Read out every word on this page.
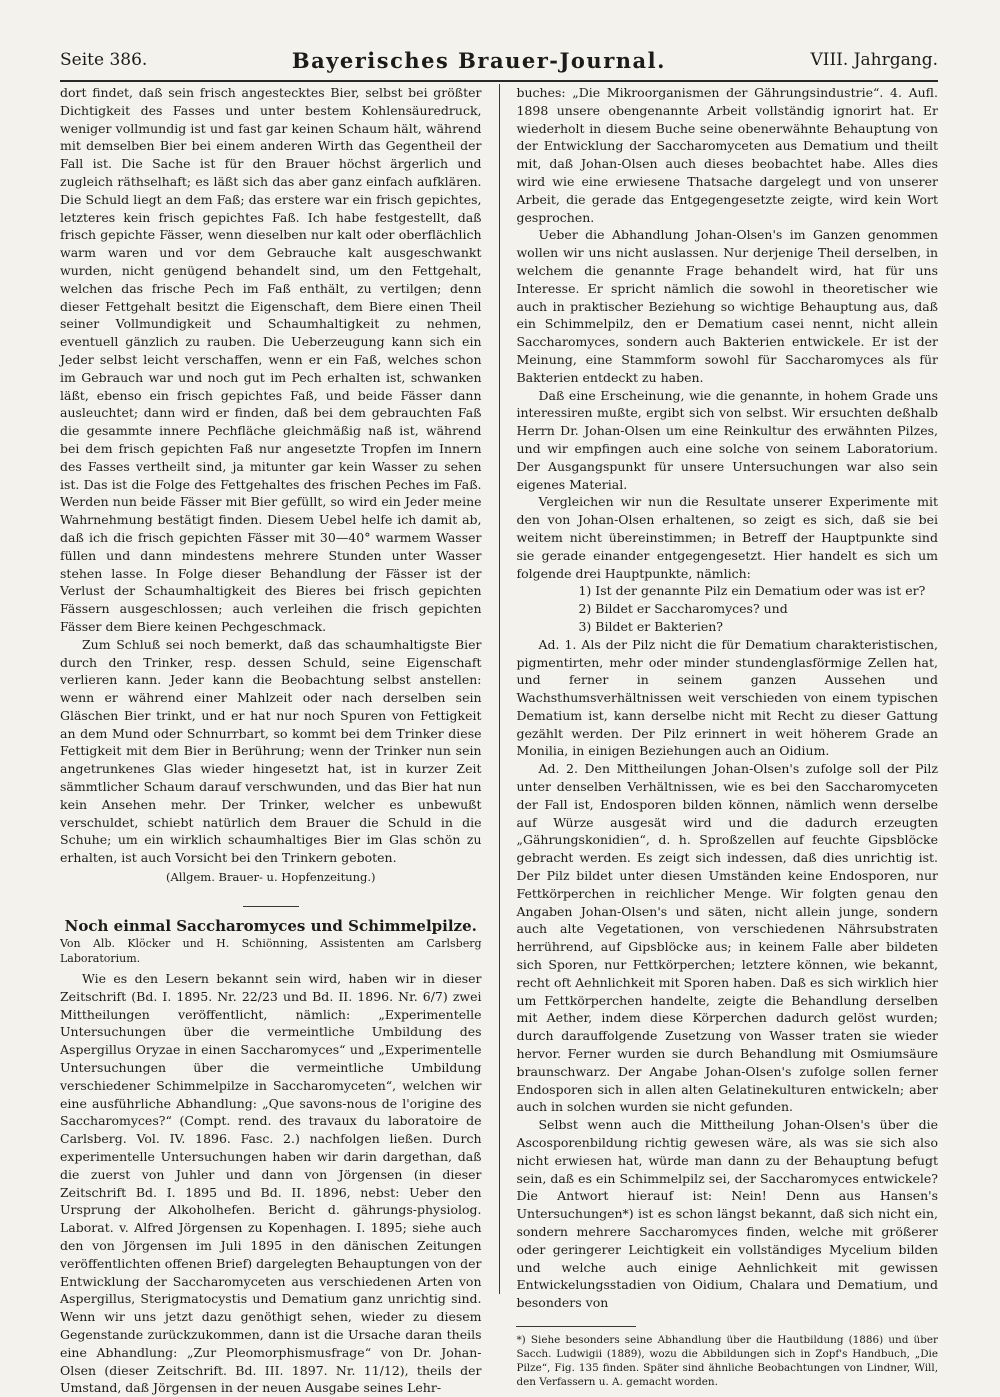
Seite 386.	Bayerisches Brauer-Journal.	VIII. Jahrgang.

dort findet, daß sein frisch angestecktes Bier, selbst bei größter Dichtigkeit des Fasses und unter bestem Kohlensäuredruck, weniger vollmundig ist und fast gar keinen Schaum hält, während mit demselben Bier bei einem anderen Wirth das Gegentheil der Fall ist. Die Sache ist für den Brauer höchst ärgerlich und zugleich räthselhaft; es läßt sich das aber ganz einfach aufklären. Die Schuld liegt an dem Faß; das erstere war ein frisch gepichtes, letzteres kein frisch gepichtes Faß. Ich habe festgestellt, daß frisch gepichte Fässer, wenn dieselben nur kalt oder oberflächlich warm waren und vor dem Gebrauche kalt ausgeschwankt wurden, nicht genügend behandelt sind, um den Fettgehalt, welchen das frische Pech im Faß enthält, zu vertilgen; denn dieser Fettgehalt besitzt die Eigenschaft, dem Biere einen Theil seiner Vollmundigkeit und Schaumhaltigkeit zu nehmen, eventuell gänzlich zu rauben. Die Ueberzeugung kann sich ein Jeder selbst leicht verschaffen, wenn er ein Faß, welches schon im Gebrauch war und noch gut im Pech erhalten ist, schwanken läßt, ebenso ein frisch gepichtes Faß, und beide Fässer dann ausleuchtet; dann wird er finden, daß bei dem gebrauchten Faß die gesammte innere Pechfläche gleichmäßig naß ist, während bei dem frisch gepichten Faß nur angesetzte Tropfen im Innern des Fasses vertheilt sind, ja mitunter gar kein Wasser zu sehen ist. Das ist die Folge des Fettgehaltes des frischen Peches im Faß. Werden nun beide Fässer mit Bier gefüllt, so wird ein Jeder meine Wahrnehmung bestätigt finden. Diesem Uebel helfe ich damit ab, daß ich die frisch gepichten Fässer mit 30—40° warmem Wasser füllen und dann mindestens mehrere Stunden unter Wasser stehen lasse. In Folge dieser Behandlung der Fässer ist der Verlust der Schaumhaltigkeit des Bieres bei frisch gepichten Fässern ausgeschlossen; auch verleihen die frisch gepichten Fässer dem Biere keinen Pechgeschmack.

Zum Schluß sei noch bemerkt, daß das schaumhaltigste Bier durch den Trinker, resp. dessen Schuld, seine Eigenschaft verlieren kann. Jeder kann die Beobachtung selbst anstellen: wenn er während einer Mahlzeit oder nach derselben sein Gläschen Bier trinkt, und er hat nur noch Spuren von Fettigkeit an dem Mund oder Schnurrbart, so kommt bei dem Trinker diese Fettigkeit mit dem Bier in Berührung; wenn der Trinker nun sein angetrunkenes Glas wieder hingesetzt hat, ist in kurzer Zeit sämmtlicher Schaum darauf verschwunden, und das Bier hat nun kein Ansehen mehr. Der Trinker, welcher es unbewußt verschuldet, schiebt natürlich dem Brauer die Schuld in die Schuhe; um ein wirklich schaumhaltiges Bier im Glas schön zu erhalten, ist auch Vorsicht bei den Trinkern geboten.

(Allgem. Brauer- u. Hopfenzeitung.)

Noch einmal Saccharomyces und Schimmelpilze.

Von Alb. Klöcker und H. Schiönning, Assistenten am Carlsberg Laboratorium.

Wie es den Lesern bekannt sein wird, haben wir in dieser Zeitschrift (Bd. I. 1895. Nr. 22/23 und Bd. II. 1896. Nr. 6/7) zwei Mittheilungen veröffentlicht, nämlich: „Experimentelle Untersuchungen über die vermeintliche Umbildung des Aspergillus Oryzae in einen Saccharomyces“ und „Experimentelle Untersuchungen über die vermeintliche Umbildung verschiedener Schimmelpilze in Saccharomyceten“, welchen wir eine ausführliche Abhandlung: „Que savons-nous de l'origine des Saccharomyces?“ (Compt. rend. des travaux du laboratoire de Carlsberg. Vol. IV. 1896. Fasc. 2.) nachfolgen ließen. Durch experimentelle Untersuchungen haben wir darin dargethan, daß die zuerst von Juhler und dann von Jörgensen (in dieser Zeitschrift Bd. I. 1895 und Bd. II. 1896, nebst: Ueber den Ursprung der Alkoholhefen. Bericht d. gährungs-physiolog. Laborat. v. Alfred Jörgensen zu Kopenhagen. I. 1895; siehe auch den von Jörgensen im Juli 1895 in den dänischen Zeitungen veröffentlichten offenen Brief) dargelegten Behauptungen von der Entwicklung der Saccharomyceten aus verschiedenen Arten von Aspergillus, Sterigmatocystis und Dematium ganz unrichtig sind. Wenn wir uns jetzt dazu genöthigt sehen, wieder zu diesem Gegenstande zurückzukommen, dann ist die Ursache daran theils eine Abhandlung: „Zur Pleomorphismusfrage“ von Dr. Johan-Olsen (dieser Zeitschrift. Bd. III. 1897. Nr. 11/12), theils der Umstand, daß Jörgensen in der neuen Ausgabe seines Lehr-

buches: „Die Mikroorganismen der Gährungsindustrie“. 4. Aufl. 1898 unsere obengenannte Arbeit vollständig ignorirt hat. Er wiederholt in diesem Buche seine obenerwähnte Behauptung von der Entwicklung der Saccharomyceten aus Dematium und theilt mit, daß Johan-Olsen auch dieses beobachtet habe. Alles dies wird wie eine erwiesene Thatsache dargelegt und von unserer Arbeit, die gerade das Entgegengesetzte zeigte, wird kein Wort gesprochen.

Ueber die Abhandlung Johan-Olsen's im Ganzen genommen wollen wir uns nicht auslassen. Nur derjenige Theil derselben, in welchem die genannte Frage behandelt wird, hat für uns Interesse. Er spricht nämlich die sowohl in theoretischer wie auch in praktischer Beziehung so wichtige Behauptung aus, daß ein Schimmelpilz, den er Dematium casei nennt, nicht allein Saccharomyces, sondern auch Bakterien entwickele. Er ist der Meinung, eine Stammform sowohl für Saccharomyces als für Bakterien entdeckt zu haben.

Daß eine Erscheinung, wie die genannte, in hohem Grade uns interessiren mußte, ergibt sich von selbst. Wir ersuchten deßhalb Herrn Dr. Johan-Olsen um eine Reinkultur des erwähnten Pilzes, und wir empfingen auch eine solche von seinem Laboratorium. Der Ausgangspunkt für unsere Untersuchungen war also sein eigenes Material.

Vergleichen wir nun die Resultate unserer Experimente mit den von Johan-Olsen erhaltenen, so zeigt es sich, daß sie bei weitem nicht übereinstimmen; in Betreff der Hauptpunkte sind sie gerade einander entgegengesetzt. Hier handelt es sich um folgende drei Hauptpunkte, nämlich:

1) Ist der genannte Pilz ein Dematium oder was ist er?
2) Bildet er Saccharomyces? und
3) Bildet er Bakterien?

Ad. 1. Als der Pilz nicht die für Dematium charakteristischen, pigmentirten, mehr oder minder stundenglasförmige Zellen hat, und ferner in seinem ganzen Aussehen und Wachsthumsverhältnissen weit verschieden von einem typischen Dematium ist, kann derselbe nicht mit Recht zu dieser Gattung gezählt werden. Der Pilz erinnert in weit höherem Grade an Monilia, in einigen Beziehungen auch an Oidium.

Ad. 2. Den Mittheilungen Johan-Olsen's zufolge soll der Pilz unter denselben Verhältnissen, wie es bei den Saccharomyceten der Fall ist, Endosporen bilden können, nämlich wenn derselbe auf Würze ausgesät wird und die dadurch erzeugten „Gährungskonidien“, d. h. Sproßzellen auf feuchte Gipsblöcke gebracht werden. Es zeigt sich indessen, daß dies unrichtig ist. Der Pilz bildet unter diesen Umständen keine Endosporen, nur Fettkörperchen in reichlicher Menge. Wir folgten genau den Angaben Johan-Olsen's und säten, nicht allein junge, sondern auch alte Vegetationen, von verschiedenen Nährsubstraten herrührend, auf Gipsblöcke aus; in keinem Falle aber bildeten sich Sporen, nur Fettkörperchen; letztere können, wie bekannt, recht oft Aehnlichkeit mit Sporen haben. Daß es sich wirklich hier um Fettkörperchen handelte, zeigte die Behandlung derselben mit Aether, indem diese Körperchen dadurch gelöst wurden; durch darauffolgende Zusetzung von Wasser traten sie wieder hervor. Ferner wurden sie durch Behandlung mit Osmiumsäure braunschwarz. Der Angabe Johan-Olsen's zufolge sollen ferner Endosporen sich in allen alten Gelatinekulturen entwickeln; aber auch in solchen wurden sie nicht gefunden.

Selbst wenn auch die Mittheilung Johan-Olsen's über die Ascosporenbildung richtig gewesen wäre, als was sie sich also nicht erwiesen hat, würde man dann zu der Behauptung befugt sein, daß es ein Schimmelpilz sei, der Saccharomyces entwickele? Die Antwort hierauf ist: Nein! Denn aus Hansen's Untersuchungen*) ist es schon längst bekannt, daß sich nicht ein, sondern mehrere Saccharomyces finden, welche mit größerer oder geringerer Leichtigkeit ein vollständiges Mycelium bilden und welche auch einige Aehnlichkeit mit gewissen Entwickelungsstadien von Oidium, Chalara und Dematium, und besonders von

*) Siehe besonders seine Abhandlung über die Hautbildung (1886) und über Sacch. Ludwigii (1889), wozu die Abbildungen sich in Zopf's Handbuch, „Die Pilze“, Fig. 135 finden. Später sind ähnliche Beobachtungen von Lindner, Will, den Verfassern u. A. gemacht worden.
